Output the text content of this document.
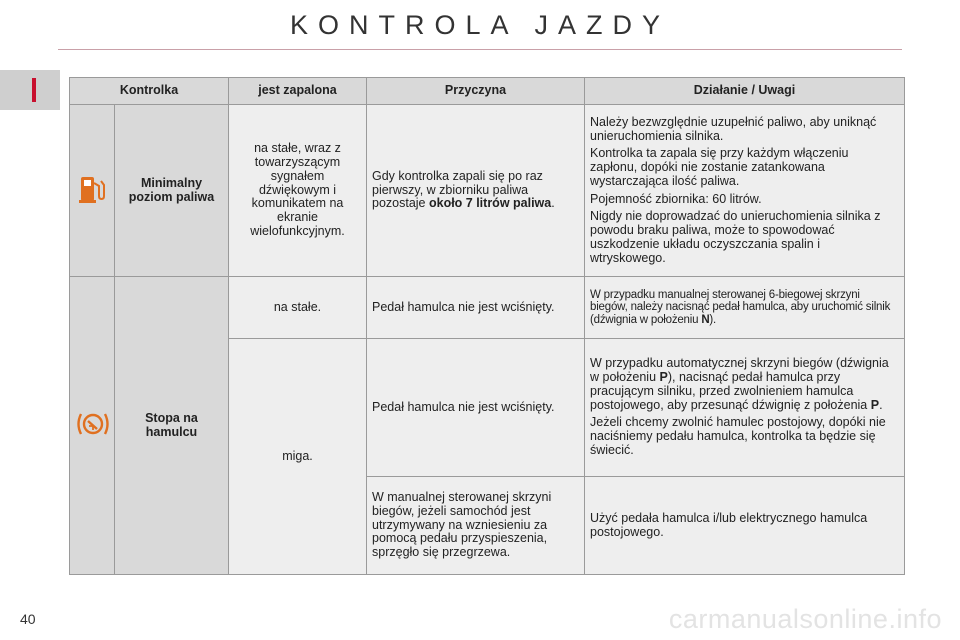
KONTROLA JAZDY
Kontrolka		jest zapalona	Przyczyna	Działanie / Uwagi
	Minimalny poziom paliwa	na stałe, wraz z towarzyszącym sygnałem dźwiękowym i komunikatem na ekranie wielofunkcyjnym.	Gdy kontrolka zapali się po raz pierwszy, w zbiorniku paliwa pozostaje około 7 litrów paliwa.	Należy bezwzględnie uzupełnić paliwo, aby uniknąć unieruchomienia silnika.

Kontrolka ta zapala się przy każdym włączeniu zapłonu, dopóki nie zostanie zatankowana wystarczająca ilość paliwa.

Pojemność zbiornika: 60 litrów.

Nigdy nie doprowadzać do unieruchomienia silnika z powodu braku paliwa, może to spowodować uszkodzenie układu oczyszczania spalin i wtryskowego.

	Stopa na hamulcu	na stałe.	Pedał hamulca nie jest wciśnięty.	W przypadku manualnej sterowanej 6-biegowej skrzyni biegów, należy nacisnąć pedał hamulca, aby uruchomić silnik (dźwignia w położeniu N).
		miga.	Pedał hamulca nie jest wciśnięty.	W przypadku automatycznej skrzyni biegów (dźwignia w położeniu P), nacisnąć pedał hamulca przy pracującym silniku, przed zwolnieniem hamulca postojowego, aby przesunąć dźwignię z położenia P.

Jeżeli chcemy zwolnić hamulec postojowy, dopóki nie naciśniemy pedału hamulca, kontrolka ta będzie się świecić.

			W manualnej sterowanej skrzyni biegów, jeżeli samochód jest utrzymywany na wzniesieniu za pomocą pedału przyspieszenia, sprzęgło się przegrzewa.	Użyć pedała hamulca i/lub elektrycznego hamulca postojowego.
40	carmanualsonline.info
